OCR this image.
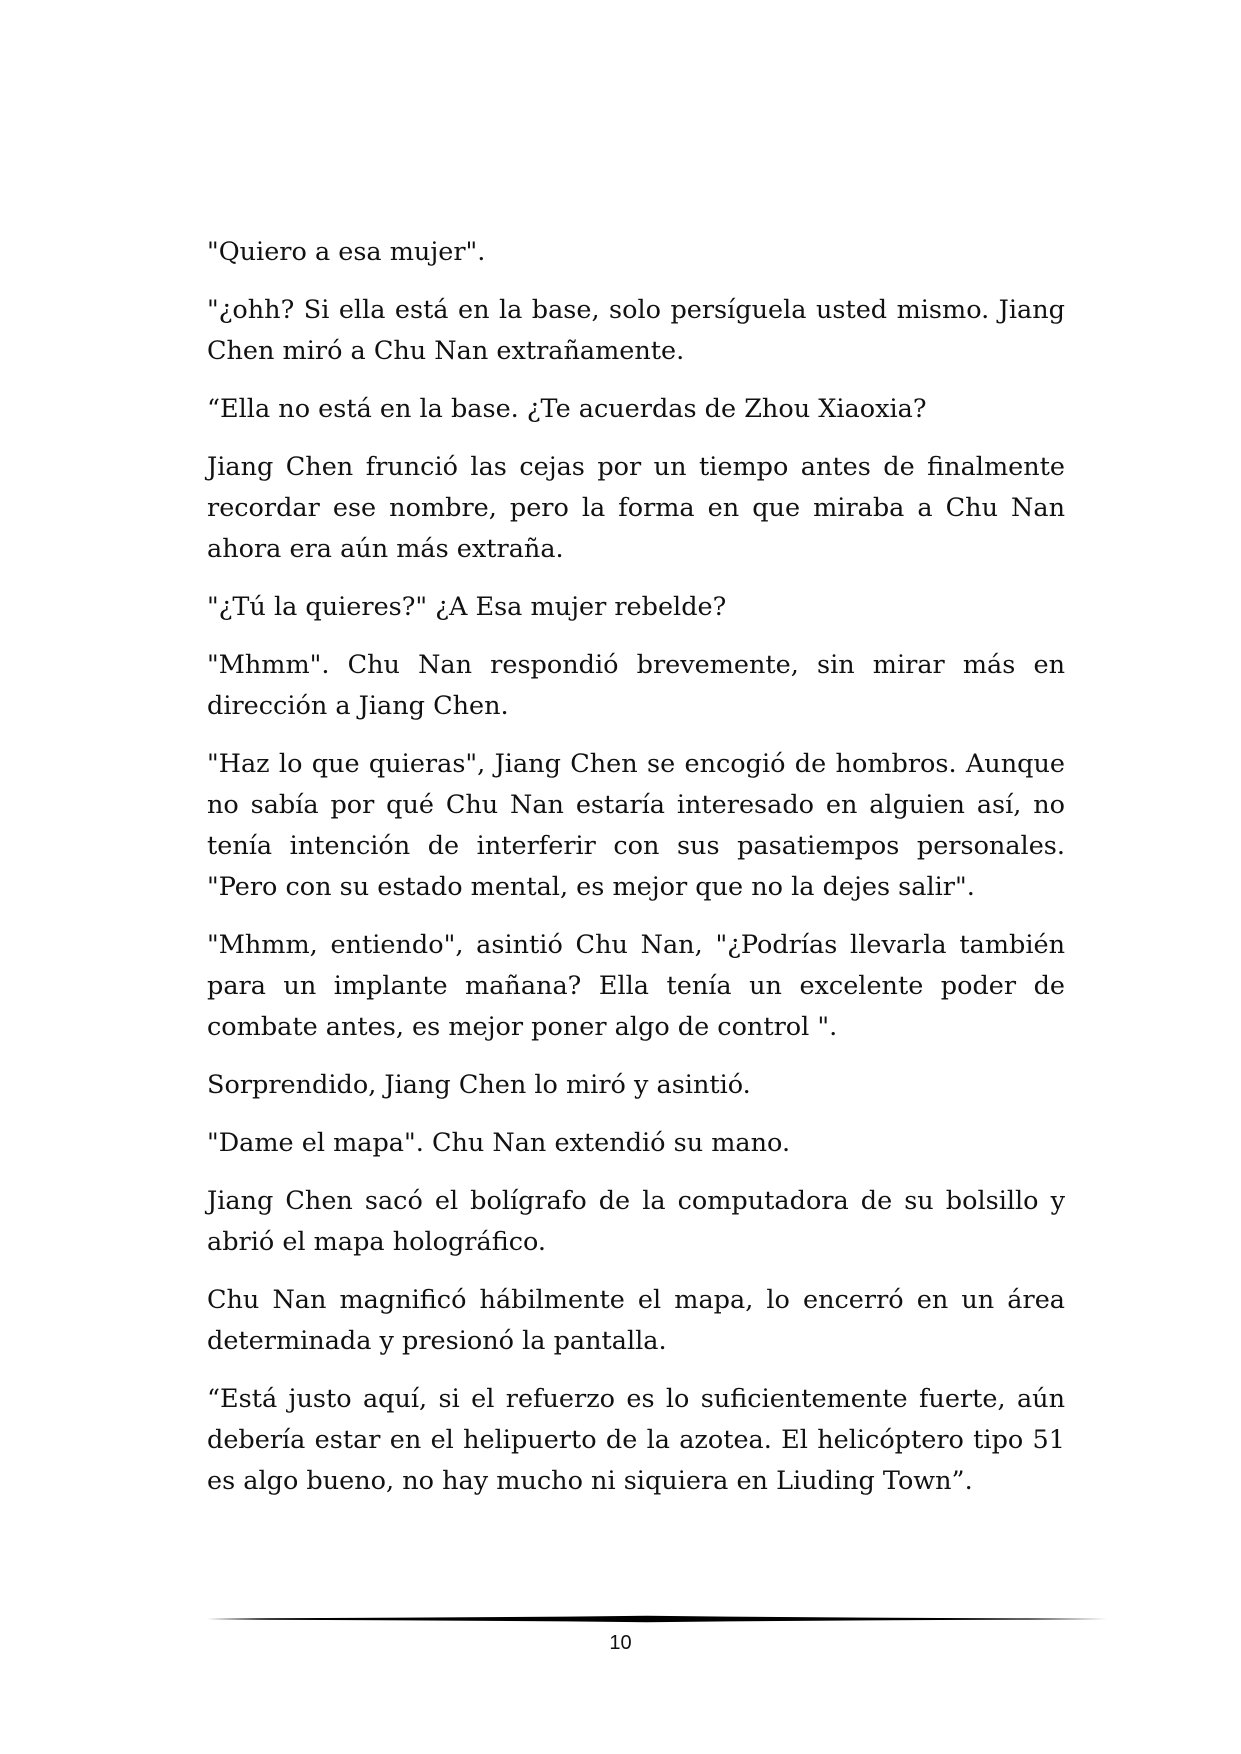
"Quiero a esa mujer".

"¿ohh? Si ella está en la base, solo persíguela usted mismo. Jiang Chen miró a Chu Nan extrañamente.

“Ella no está en la base. ¿Te acuerdas de Zhou Xiaoxia?

Jiang Chen frunció las cejas por un tiempo antes de finalmente recordar ese nombre, pero la forma en que miraba a Chu Nan ahora era aún más extraña.

"¿Tú la quieres?" ¿A Esa mujer rebelde?

"Mhmm". Chu Nan respondió brevemente, sin mirar más en dirección a Jiang Chen.

"Haz lo que quieras", Jiang Chen se encogió de hombros. Aunque no sabía por qué Chu Nan estaría interesado en alguien así, no tenía intención de interferir con sus pasatiempos personales. "Pero con su estado mental, es mejor que no la dejes salir".

"Mhmm, entiendo", asintió Chu Nan, "¿Podrías llevarla también para un implante mañana? Ella tenía un excelente poder de combate antes, es mejor poner algo de control ".

Sorprendido, Jiang Chen lo miró y asintió.

"Dame el mapa". Chu Nan extendió su mano.

Jiang Chen sacó el bolígrafo de la computadora de su bolsillo y abrió el mapa holográfico.

Chu Nan magnificó hábilmente el mapa, lo encerró en un área determinada y presionó la pantalla.

“Está justo aquí, si el refuerzo es lo suficientemente fuerte, aún debería estar en el helipuerto de la azotea. El helicóptero tipo 51 es algo bueno, no hay mucho ni siquiera en Liuding Town”.

10
